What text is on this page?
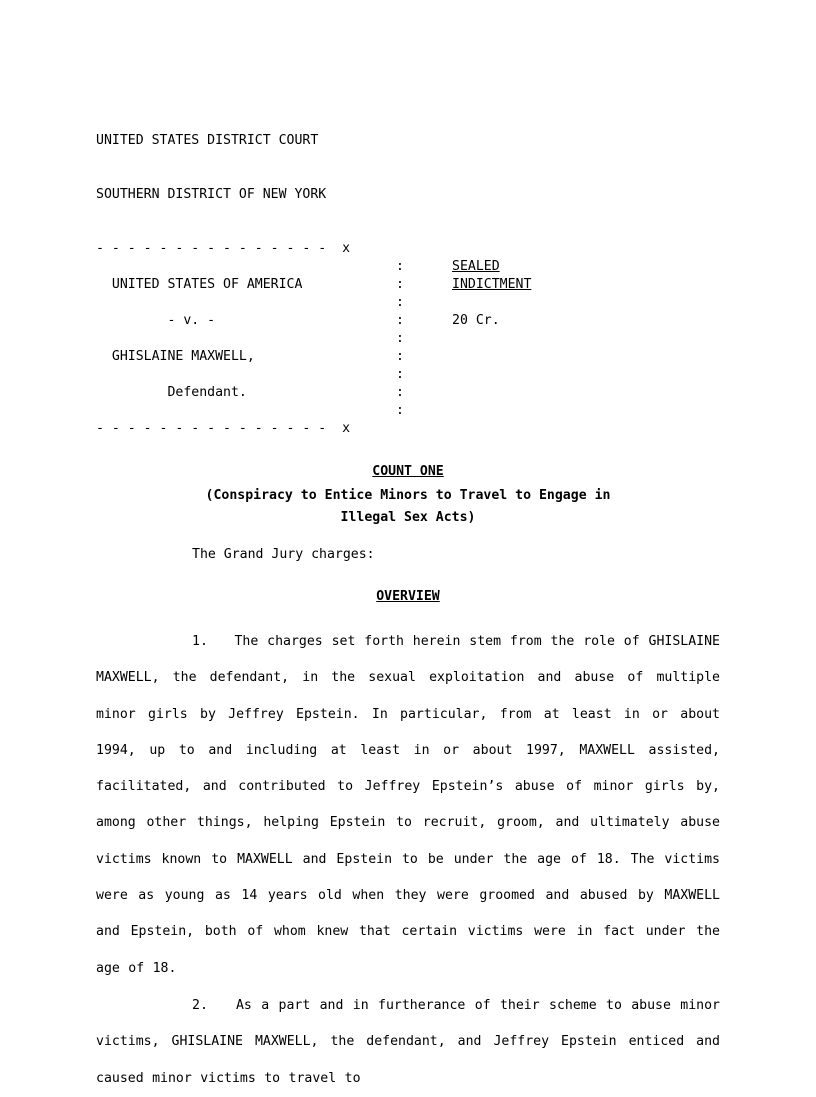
UNITED STATES DISTRICT COURT

SOUTHERN DISTRICT OF NEW YORK

- - - - - - - - - - - - - - -  x
	:	SEALED
UNITED STATES OF AMERICA	:	INDICTMENT
	:	
- v. -	:	20 Cr.
	:	
GHISLAINE MAXWELL,	:	
	:	
Defendant.	:	
	:	
- - - - - - - - - - - - - - -  x
COUNT ONE
(Conspiracy to Entice Minors to Travel to Engage in
Illegal Sex Acts)
The Grand Jury charges:
OVERVIEW
1. The charges set forth herein stem from the role of GHISLAINE MAXWELL, the defendant, in the sexual exploitation and abuse of multiple minor girls by Jeffrey Epstein. In particular, from at least in or about 1994, up to and including at least in or about 1997, MAXWELL assisted, facilitated, and contributed to Jeffrey Epstein’s abuse of minor girls by, among other things, helping Epstein to recruit, groom, and ultimately abuse victims known to MAXWELL and Epstein to be under the age of 18. The victims were as young as 14 years old when they were groomed and abused by MAXWELL and Epstein, both of whom knew that certain victims were in fact under the age of 18.
2. As a part and in furtherance of their scheme to abuse minor victims, GHISLAINE MAXWELL, the defendant, and Jeffrey Epstein enticed and caused minor victims to travel to
